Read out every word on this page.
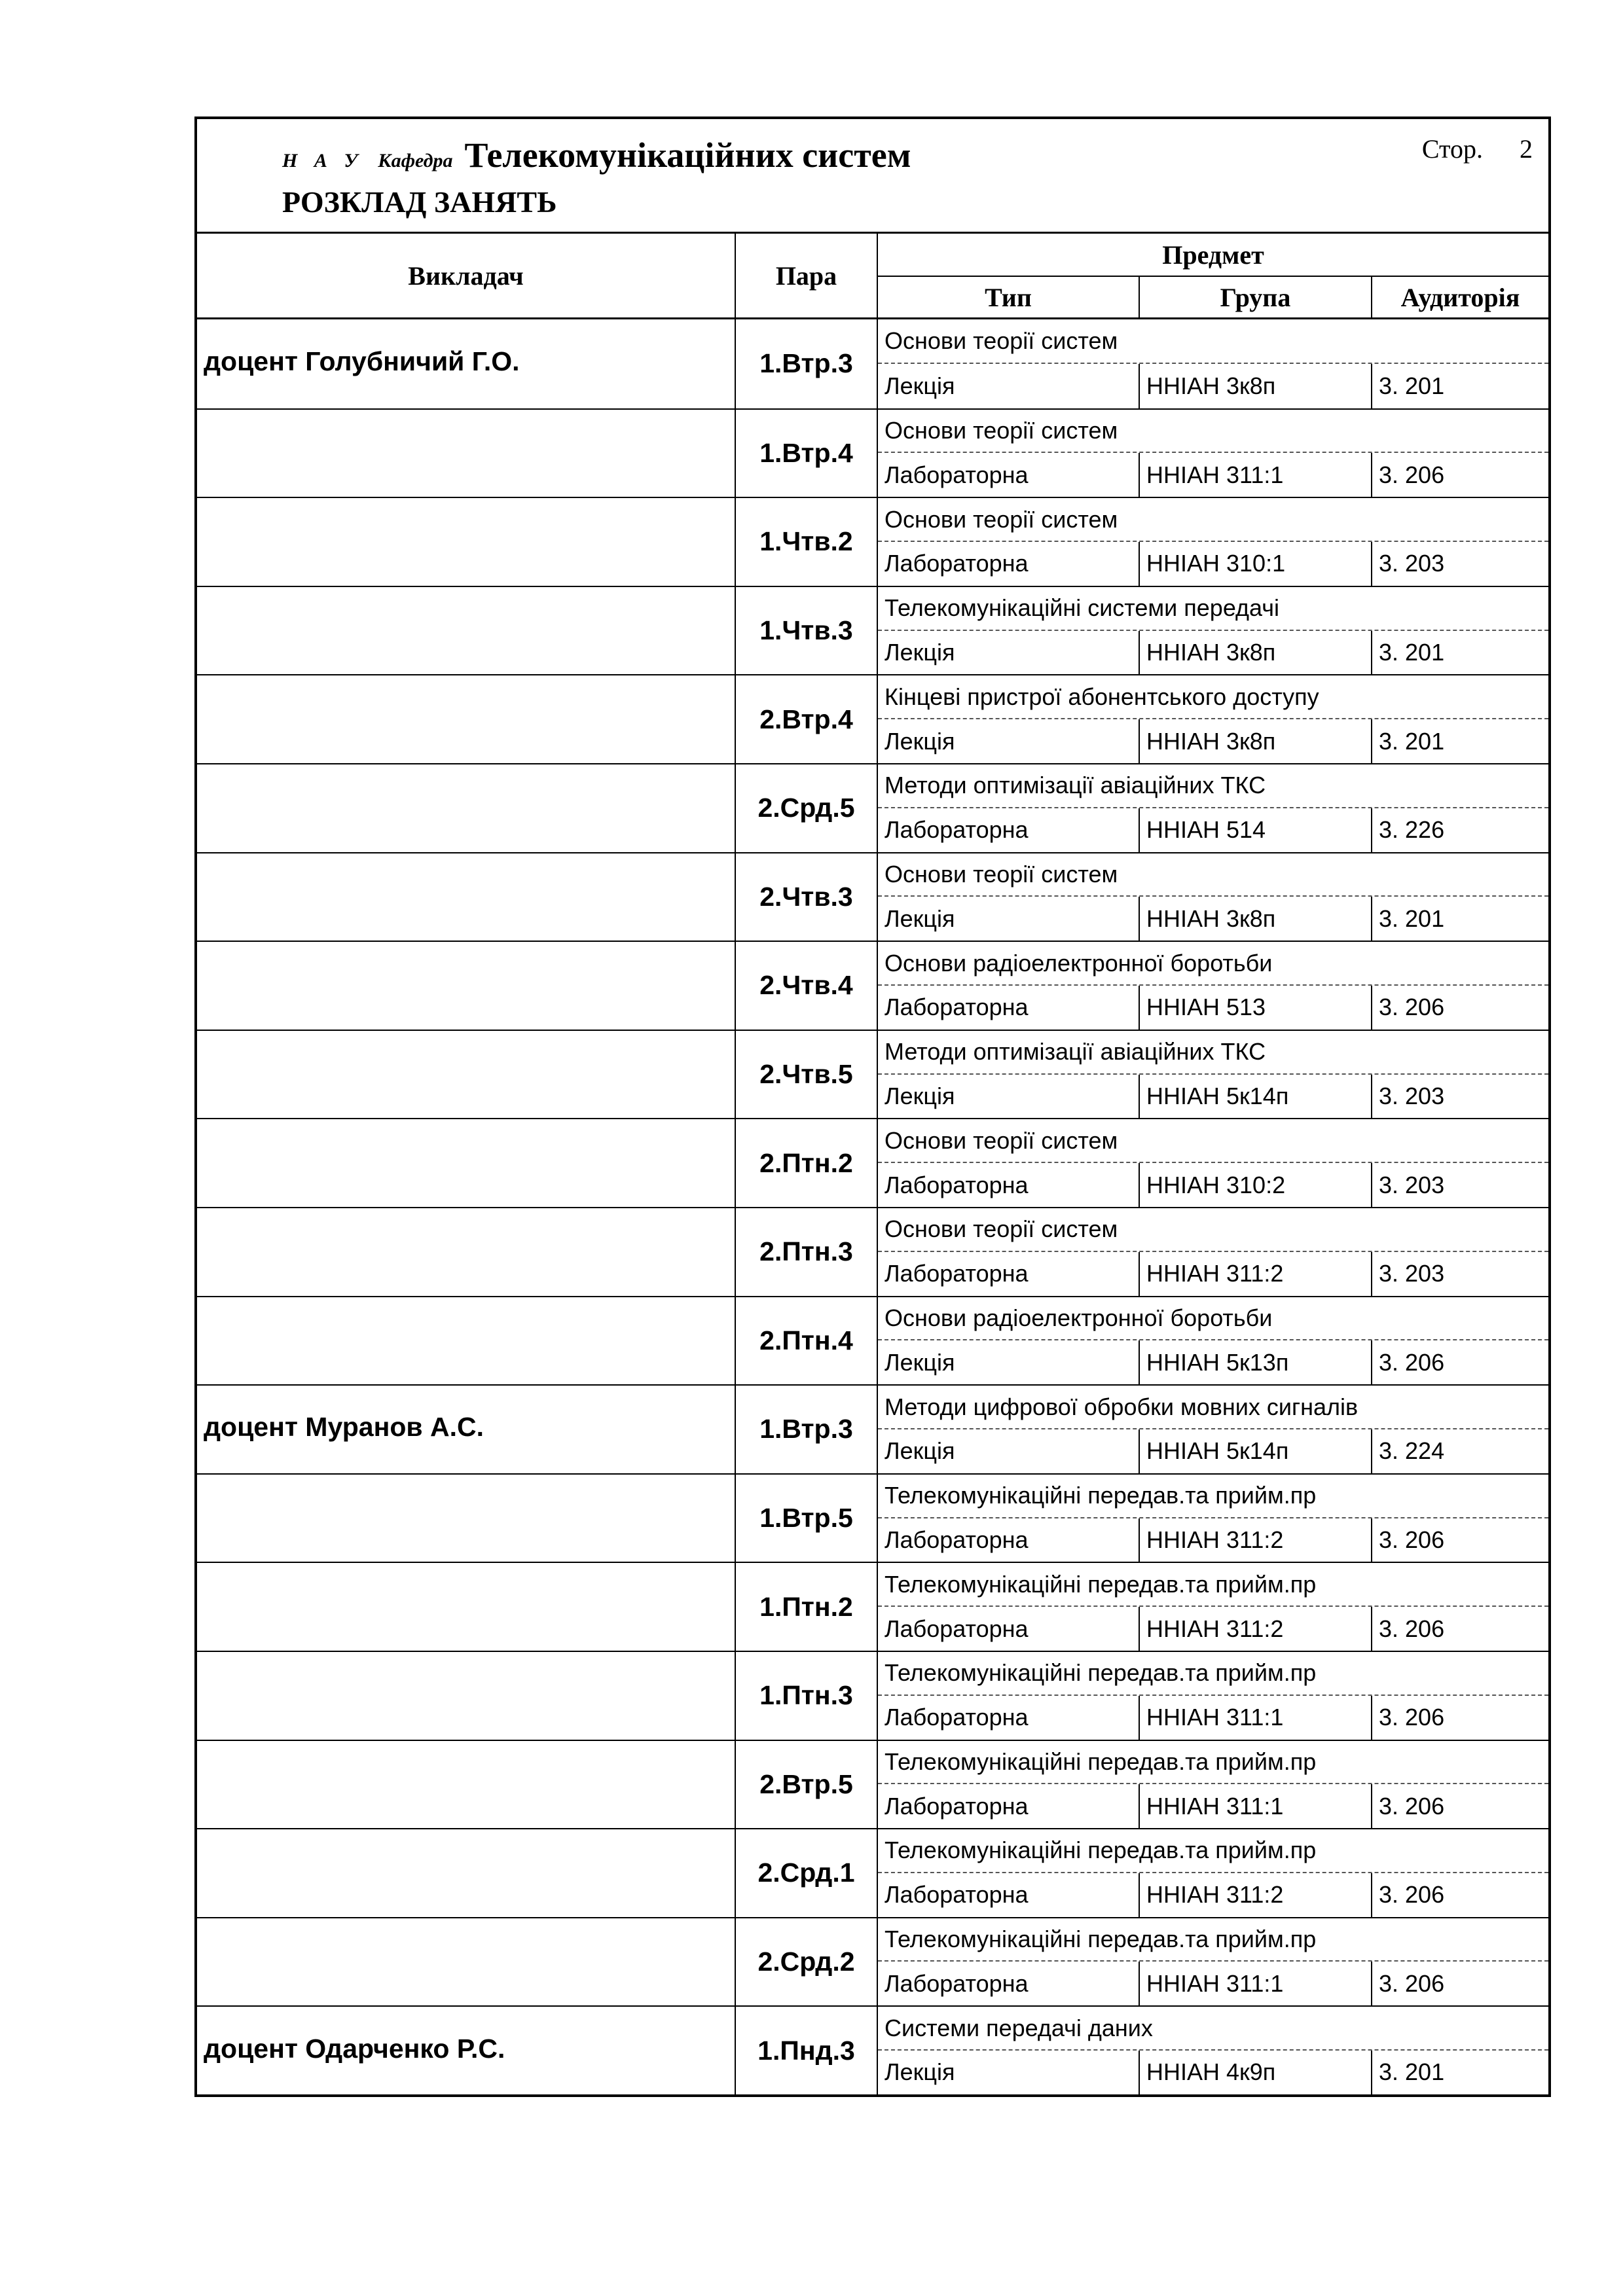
Н А У Кафедра Телекомунікаційних систем
РОЗКЛАД ЗАНЯТЬ
Стор. 2
Викладач	Пара
Предмет
Тип	Група	Аудиторія
доцент Голубничий Г.О.	1.Втр.3
Основи теорії систем
Лекція	ННІАН 3к8п	3. 201
1.Втр.4
Основи теорії систем
Лабораторна	ННІАН 311:1	3. 206
1.Чтв.2
Основи теорії систем
Лабораторна	ННІАН 310:1	3. 203
1.Чтв.3
Телекомунікаційні системи передачі
Лекція	ННІАН 3к8п	3. 201
2.Втр.4
Кінцеві пристрої абонентського доступу
Лекція	ННІАН 3к8п	3. 201
2.Срд.5
Методи оптимізації авіаційних ТКС
Лабораторна	ННІАН 514	3. 226
2.Чтв.3
Основи теорії систем
Лекція	ННІАН 3к8п	3. 201
2.Чтв.4
Основи радіоелектронної боротьби
Лабораторна	ННІАН 513	3. 206
2.Чтв.5
Методи оптимізації авіаційних ТКС
Лекція	ННІАН 5к14п	3. 203
2.Птн.2
Основи теорії систем
Лабораторна	ННІАН 310:2	3. 203
2.Птн.3
Основи теорії систем
Лабораторна	ННІАН 311:2	3. 203
2.Птн.4
Основи радіоелектронної боротьби
Лекція	ННІАН 5к13п	3. 206
доцент Муранов А.С.	1.Втр.3
Методи цифрової обробки мовних сигналів
Лекція	ННІАН 5к14п	3. 224
1.Втр.5
Телекомунікаційні передав.та прийм.пр
Лабораторна	ННІАН 311:2	3. 206
1.Птн.2
Телекомунікаційні передав.та прийм.пр
Лабораторна	ННІАН 311:2	3. 206
1.Птн.3
Телекомунікаційні передав.та прийм.пр
Лабораторна	ННІАН 311:1	3. 206
2.Втр.5
Телекомунікаційні передав.та прийм.пр
Лабораторна	ННІАН 311:1	3. 206
2.Срд.1
Телекомунікаційні передав.та прийм.пр
Лабораторна	ННІАН 311:2	3. 206
2.Срд.2
Телекомунікаційні передав.та прийм.пр
Лабораторна	ННІАН 311:1	3. 206
доцент Одарченко Р.С.	1.Пнд.3
Системи передачі даних
Лекція	ННІАН 4к9п	3. 201
